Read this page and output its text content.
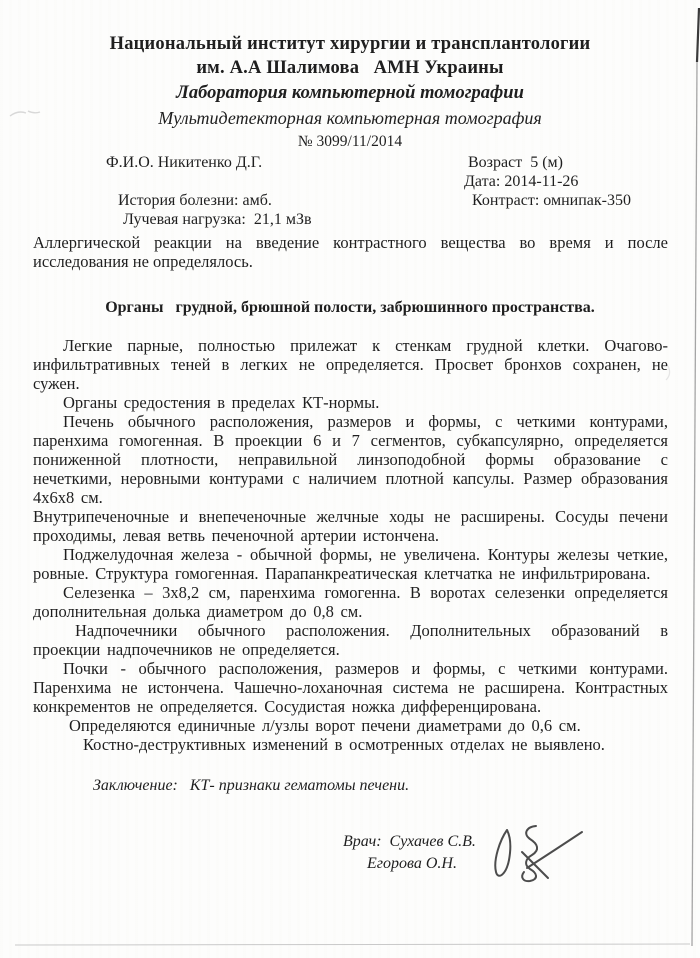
Национальный институт хирургии и трансплантологии
им. А.А Шалимова   АМН Украины
Лаборатория компьютерной томографии
Мультидетекторная компьютерная томография
№ 3099/11/2014
Ф.И.О. Никитенко Д.Г.	Возраст  5 (м)
Дата: 2014-11-26
История болезни: амб.	Контраст: омнипак-350
Лучевая нагрузка:  21,1 мЗв
Аллергической реакции на введение контрастного вещества во время и после исследования не определялось.
Органы   грудной, брюшной полости, забрюшинного пространства.

Легкие парные, полностью прилежат к стенкам грудной клетки. Очагово-инфильтративных теней в легких не определяется. Просвет бронхов сохранен, не сужен.

Органы средостения в пределах КТ-нормы.

Печень обычного расположения, размеров и формы, с четкими контурами, паренхима гомогенная. В проекции 6 и 7 сегментов, субкапсулярно, определяется пониженной плотности, неправильной линзоподобной формы образование с нечеткими, неровными контурами с наличием плотной капсулы. Размер образования 4х6х8 см.

Внутрипеченочные и внепеченочные желчные ходы не расширены. Сосуды печени проходимы, левая ветвь печеночной артерии истончена.

Поджелудочная железа - обычной формы, не увеличена. Контуры железы четкие, ровные. Структура гомогенная. Парапанкреатическая клетчатка не инфильтрирована.

Селезенка – 3х8,2 см, паренхима гомогенна. В воротах селезенки определяется дополнительная долька диаметром до 0,8 см.

Надпочечники обычного расположения. Дополнительных образований в проекции надпочечников не определяется.

Почки - обычного расположения, размеров и формы, с четкими контурами. Паренхима не истончена. Чашечно-лоханочная система не расширена. Контрастных конкрементов не определяется. Сосудистая ножка дифференцирована.

Определяются единичные л/узлы ворот печени диаметрами до 0,6 см.

Костно-деструктивных изменений в осмотренных отделах не выявлено.

Заключение: КТ- признаки гематомы печени.
Врач: Сухачев С.В.
Егорова О.Н.
